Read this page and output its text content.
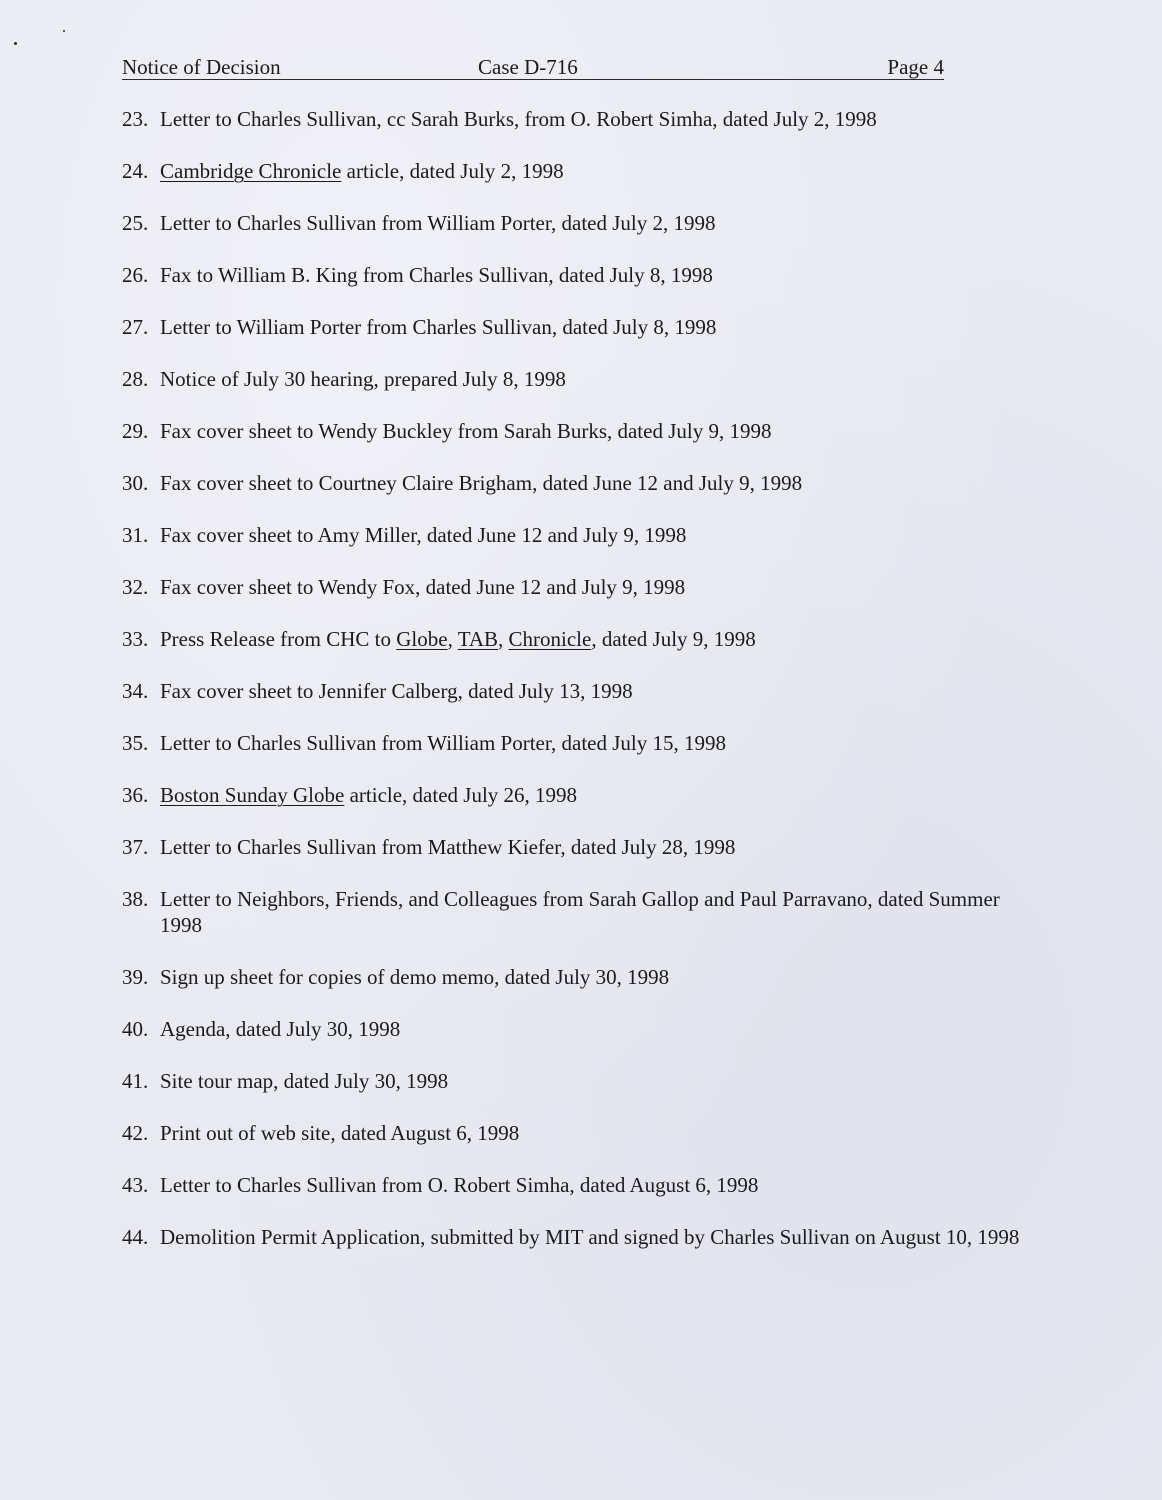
Notice of Decision	Case D-716	Page 4
23. Letter to Charles Sullivan, cc Sarah Burks, from O. Robert Simha, dated July 2, 1998
24. Cambridge Chronicle article, dated July 2, 1998
25. Letter to Charles Sullivan from William Porter, dated July 2, 1998
26. Fax to William B. King from Charles Sullivan, dated July 8, 1998
27. Letter to William Porter from Charles Sullivan, dated July 8, 1998
28. Notice of July 30 hearing, prepared July 8, 1998
29. Fax cover sheet to Wendy Buckley from Sarah Burks, dated July 9, 1998
30. Fax cover sheet to Courtney Claire Brigham, dated June 12 and July 9, 1998
31. Fax cover sheet to Amy Miller, dated June 12 and July 9, 1998
32. Fax cover sheet to Wendy Fox, dated June 12 and July 9, 1998
33. Press Release from CHC to Globe, TAB, Chronicle, dated July 9, 1998
34. Fax cover sheet to Jennifer Calberg, dated July 13, 1998
35. Letter to Charles Sullivan from William Porter, dated July 15, 1998
36. Boston Sunday Globe article, dated July 26, 1998
37. Letter to Charles Sullivan from Matthew Kiefer, dated July 28, 1998
38. Letter to Neighbors, Friends, and Colleagues from Sarah Gallop and Paul Parravano, dated Summer 1998
39. Sign up sheet for copies of demo memo, dated July 30, 1998
40. Agenda, dated July 30, 1998
41. Site tour map, dated July 30, 1998
42. Print out of web site, dated August 6, 1998
43. Letter to Charles Sullivan from O. Robert Simha, dated August 6, 1998
44. Demolition Permit Application, submitted by MIT and signed by Charles Sullivan on August 10, 1998
